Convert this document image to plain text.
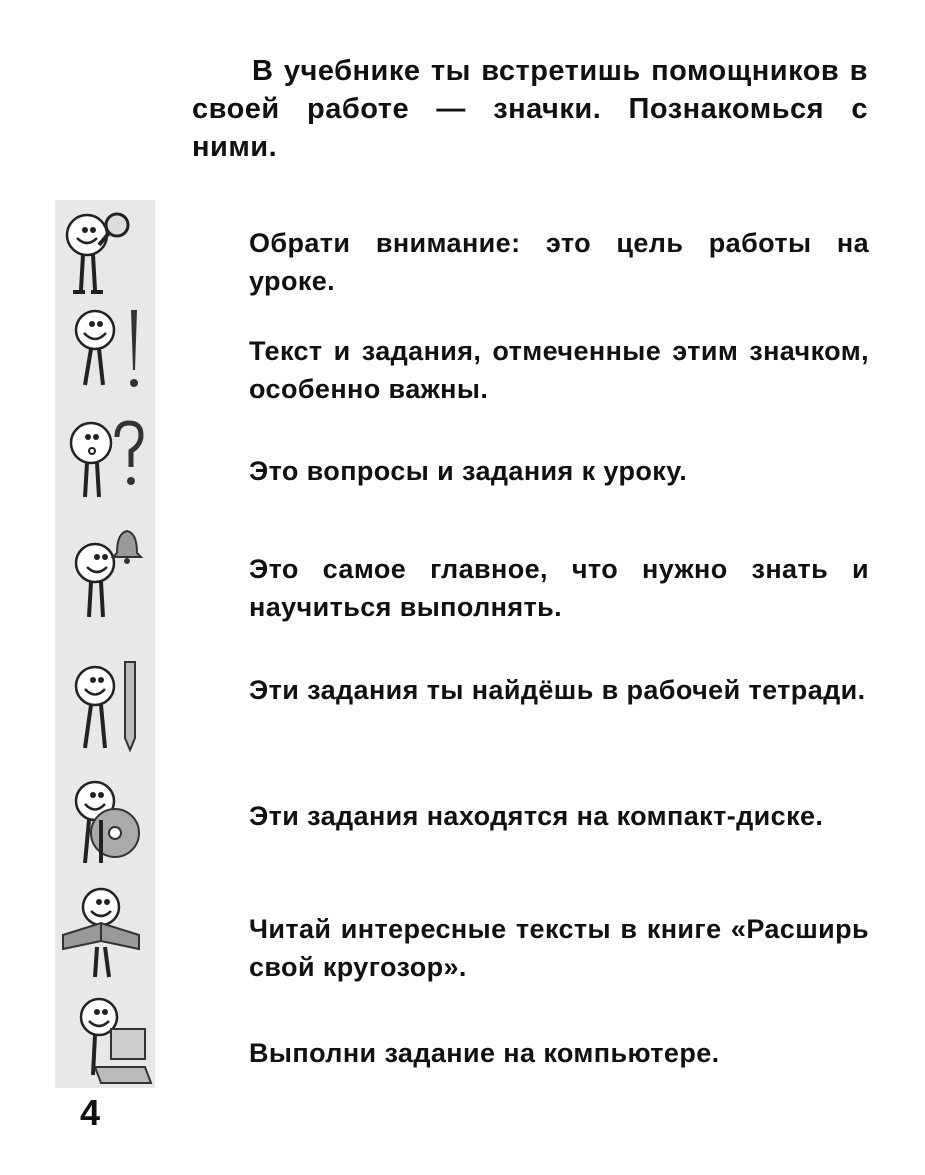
В учебнике ты встретишь помощников в своей работе — значки. Познакомься с ними.
Обрати внимание: это цель работы на уроке.
Текст и задания, отмеченные этим значком, особенно важны.
Это вопросы и задания к уроку.
Это самое главное, что нужно знать и научиться выполнять.
Эти задания ты найдёшь в рабочей тетради.
Эти задания находятся на компакт-диске.
Читай интересные тексты в книге «Расширь свой кругозор».
Выполни задание на компьютере.
4
